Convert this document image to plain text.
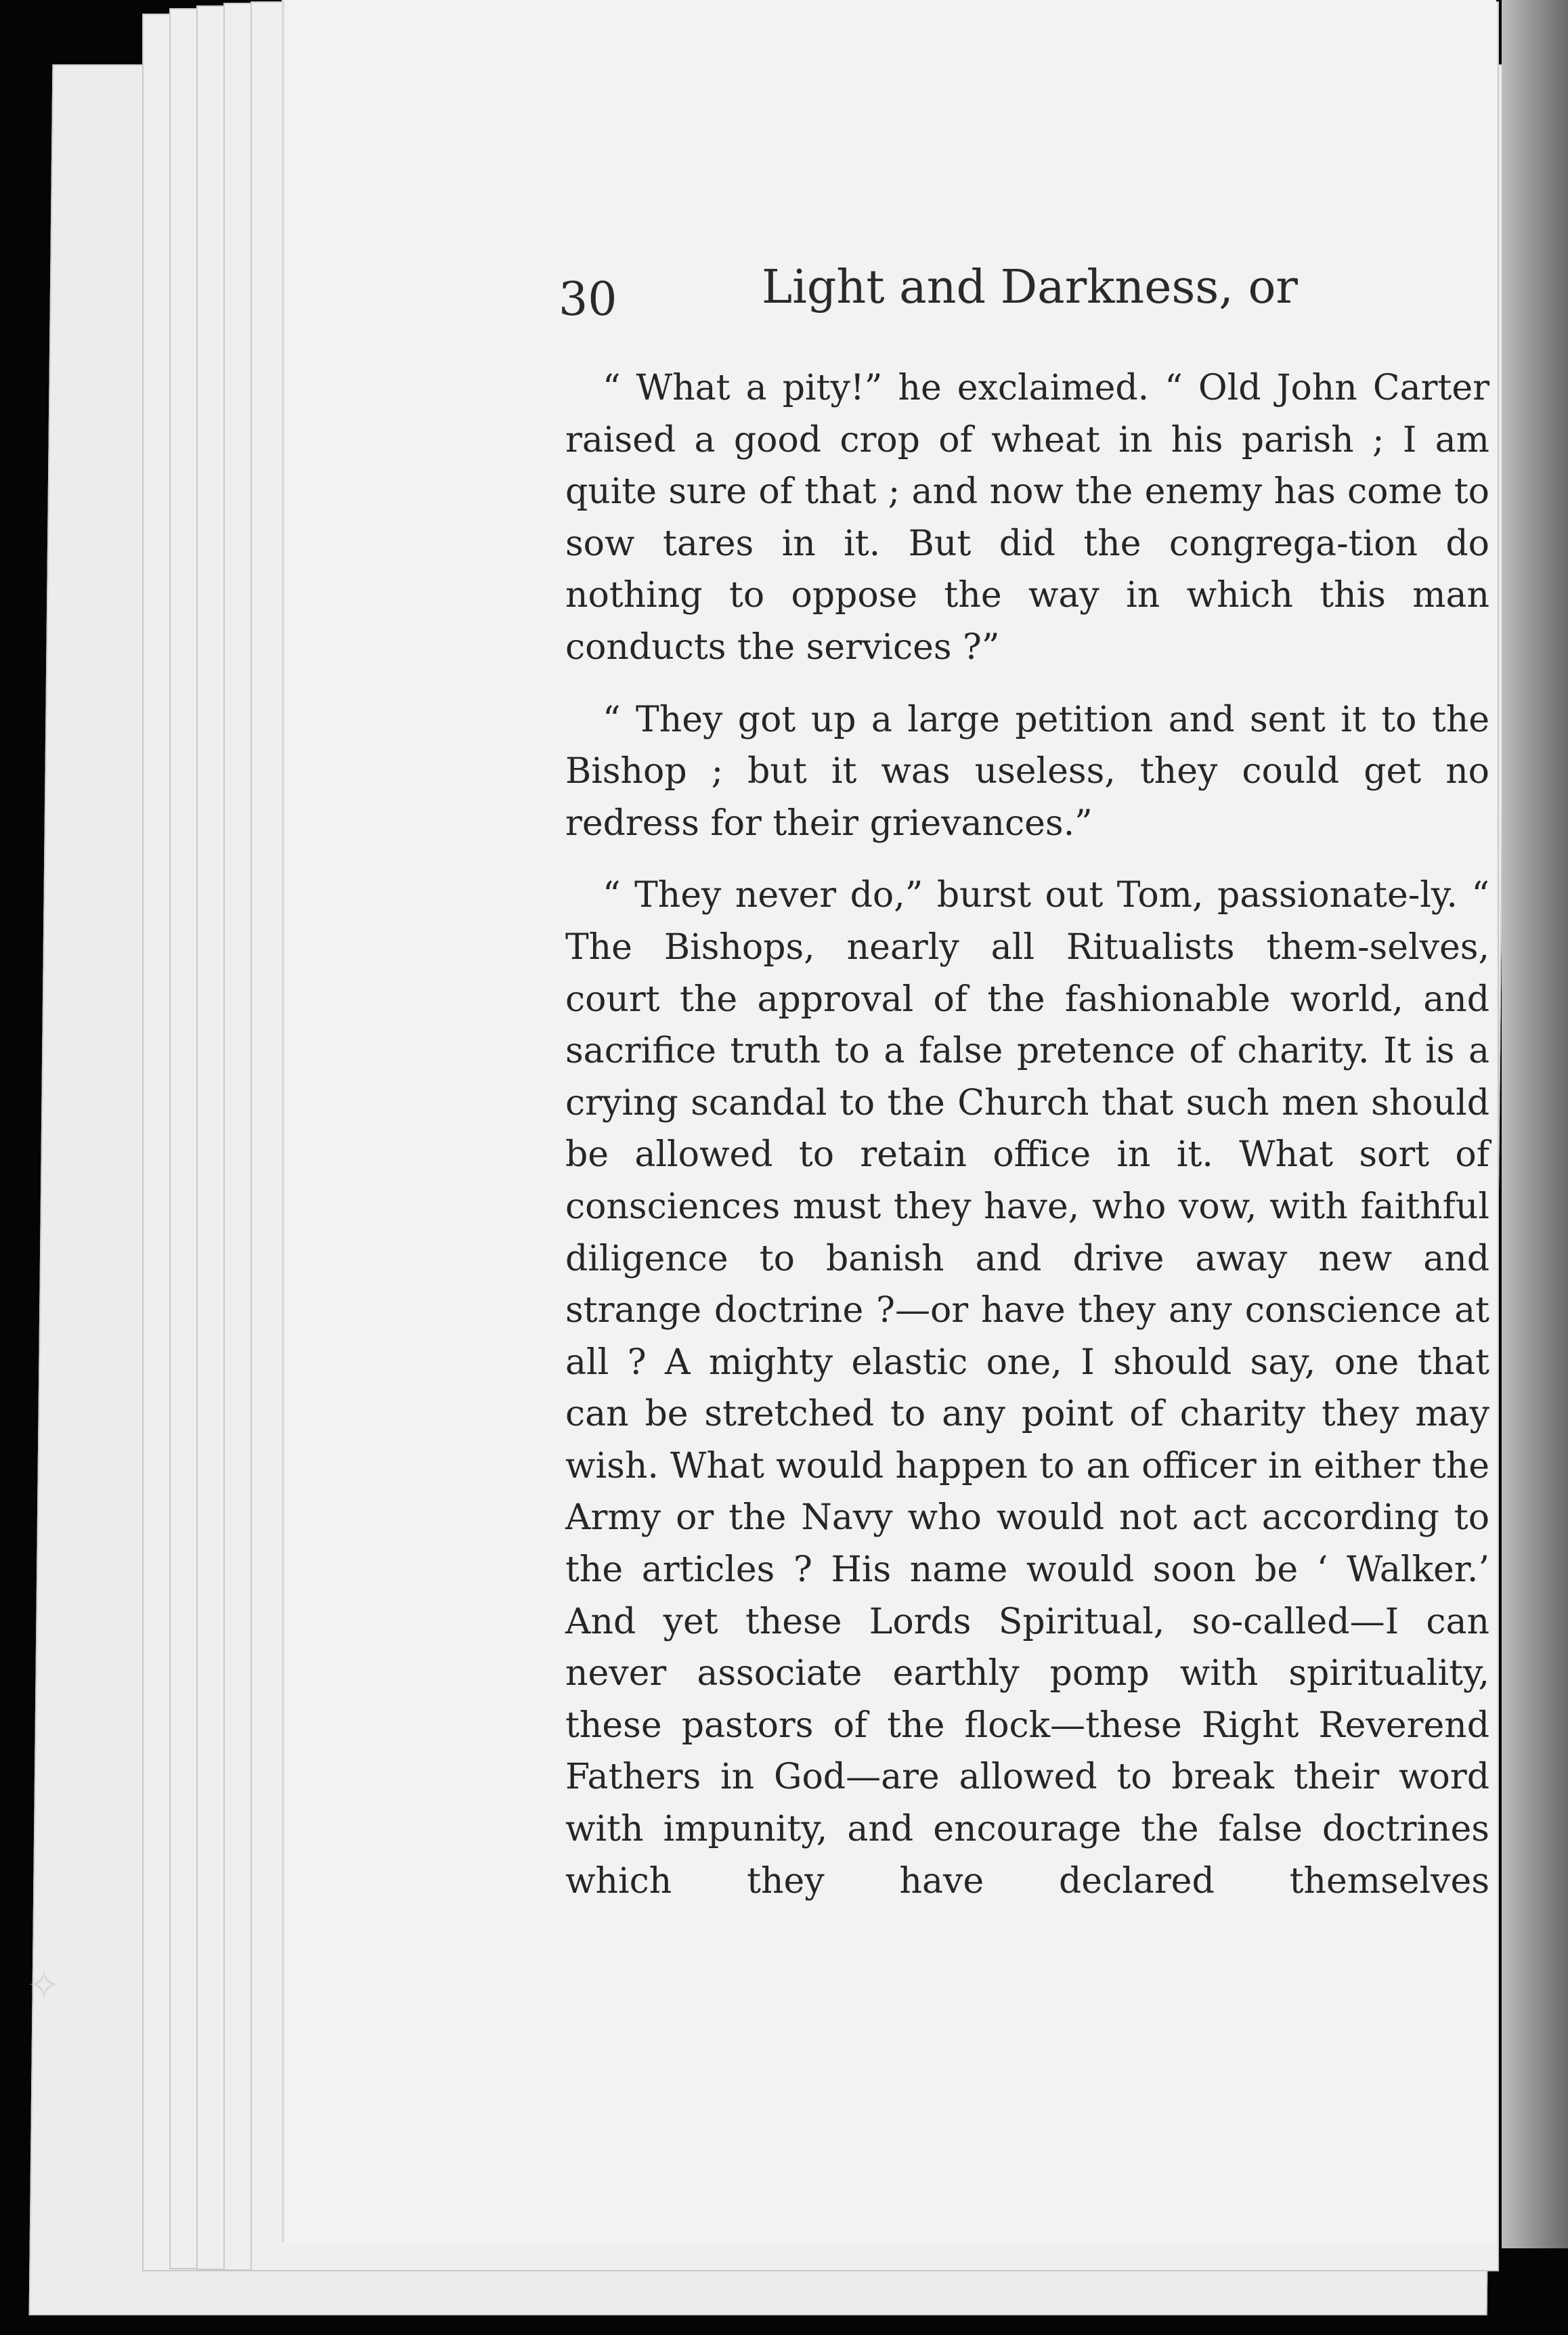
30	Light and Darkness, or

“ What a pity!” he exclaimed. “ Old John Carter raised a good crop of wheat in his parish ; I am quite sure of that ; and now the enemy has come to sow tares in it. But did the congrega-tion do nothing to oppose the way in which this man conducts the services ?”

“ They got up a large petition and sent it to the Bishop ; but it was useless, they could get no redress for their grievances.”

“ They never do,” burst out Tom, passionate-ly. “ The Bishops, nearly all Ritualists them-selves, court the approval of the fashionable world, and sacrifice truth to a false pretence of charity. It is a crying scandal to the Church that such men should be allowed to retain office in it. What sort of consciences must they have, who vow, with faithful diligence to banish and drive away new and strange doctrine ?—or have they any conscience at all ? A mighty elastic one, I should say, one that can be stretched to any point of charity they may wish. What would happen to an officer in either the Army or the Navy who would not act according to the articles ? His name would soon be ‘ Walker.’ And yet these Lords Spiritual, so-called—I can never associate earthly pomp with spirituality, these pastors of the flock—these Right Reverend Fathers in God—are allowed to break their word with impunity, and encourage the false doctrines which they have declared themselves

✧
